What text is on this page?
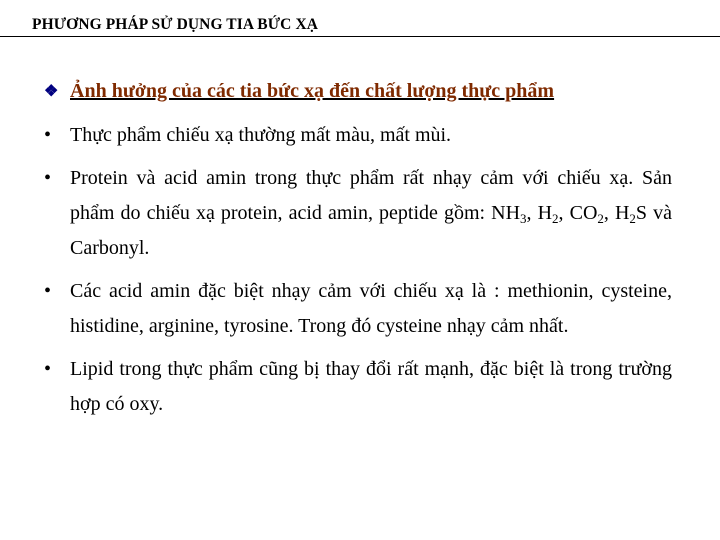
PHƯƠNG PHÁP SỬ DỤNG TIA BỨC XẠ
❖ Ảnh hưởng của các tia bức xạ đến chất lượng thực phẩm
• Thực phẩm chiếu xạ thường mất màu, mất mùi.
• Protein và acid amin trong thực phẩm rất nhạy cảm với chiếu xạ. Sản phẩm do chiếu xạ protein, acid amin, peptide gồm: $NH_3$, $H_2$, $CO_2$, $H_2S$ và Carbonyl.
• Các acid amin đặc biệt nhạy cảm với chiếu xạ là : methionin, cysteine, histidine, arginine, tyrosine. Trong đó cysteine nhạy cảm nhất.
• Lipid trong thực phẩm cũng bị thay đổi rất mạnh, đặc biệt là trong trường hợp có oxy.
